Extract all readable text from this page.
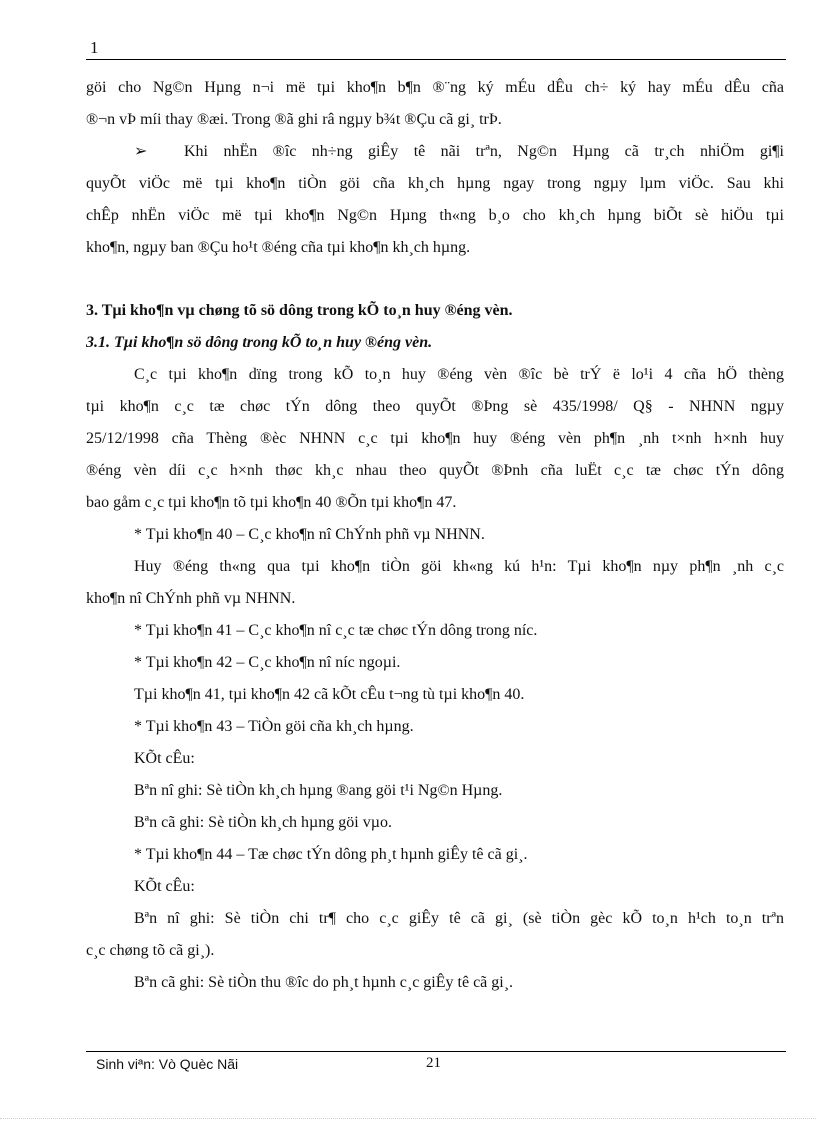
1
göi cho Ng©n Hµng n¬i më tµi kho¶n b¶n ®¨ng ký mÉu dÊu ch÷ ký hay mÉu dÊu cña
®¬n vÞ míi thay ®æi. Trong ®ã ghi râ ngµy b¾t ®Çu cã gi¸ trÞ.
➢ Khi nhËn ®îc nh÷ng giÊy tê nãi trªn, Ng©n Hµng cã tr¸ch nhiÖm gi¶i
quyÕt viÖc më tµi kho¶n tiÒn göi cña kh¸ch hµng ngay trong ngµy lµm viÖc. Sau khi
chÊp nhËn viÖc më tµi kho¶n Ng©n Hµng th«ng b¸o cho kh¸ch hµng biÕt sè hiÖu tµi
kho¶n, ngµy ban ®Çu ho¹t ®éng cña tµi kho¶n kh¸ch hµng.
3. Tµi kho¶n vµ chøng tõ sö dông trong kÕ to¸n huy ®éng vèn.
3.1. Tµi kho¶n sö dông trong kÕ to¸n huy ®éng vèn.
C¸c tµi kho¶n dïng trong kÕ to¸n huy ®éng vèn ®îc bè trÝ ë lo¹i 4 cña hÖ thèng
tµi kho¶n c¸c tæ chøc tÝn dông theo quyÕt ®Þng sè 435/1998/ Q§ - NHNN ngµy
25/12/1998 cña Thèng ®èc NHNN c¸c tµi kho¶n huy ®éng vèn ph¶n ¸nh t×nh h×nh huy
®éng vèn díi c¸c h×nh thøc kh¸c nhau theo quyÕt ®Þnh cña luËt c¸c tæ chøc tÝn dông
bao gåm c¸c tµi kho¶n tõ tµi kho¶n 40 ®Õn tµi kho¶n 47.
* Tµi kho¶n 40 – C¸c kho¶n nî ChÝnh phñ vµ NHNN.
Huy ®éng th«ng qua tµi kho¶n tiÒn göi kh«ng kú h¹n: Tµi kho¶n nµy ph¶n ¸nh c¸c
kho¶n nî ChÝnh phñ vµ NHNN.
* Tµi kho¶n 41 – C¸c kho¶n nî c¸c tæ chøc tÝn dông trong níc.
* Tµi kho¶n 42 – C¸c kho¶n nî níc ngoµi.
Tµi kho¶n 41, tµi kho¶n 42 cã kÕt cÊu t¬ng tù tµi kho¶n 40.
* Tµi kho¶n 43 – TiÒn göi cña kh¸ch hµng.
KÕt cÊu:
Bªn nî ghi: Sè tiÒn kh¸ch hµng ®ang göi t¹i Ng©n Hµng.
Bªn cã ghi: Sè tiÒn kh¸ch hµng göi vµo.
* Tµi kho¶n 44 – Tæ chøc tÝn dông ph¸t hµnh giÊy tê cã gi¸.
KÕt cÊu:
Bªn nî ghi: Sè tiÒn chi tr¶ cho c¸c giÊy tê cã gi¸ (sè tiÒn gèc kÕ to¸n h¹ch to¸n trªn
c¸c chøng tõ cã gi¸).
Bªn cã ghi: Sè tiÒn thu ®îc do ph¸t hµnh c¸c giÊy tê cã gi¸.
Sinh viªn: Vò Quèc Nãi	21
